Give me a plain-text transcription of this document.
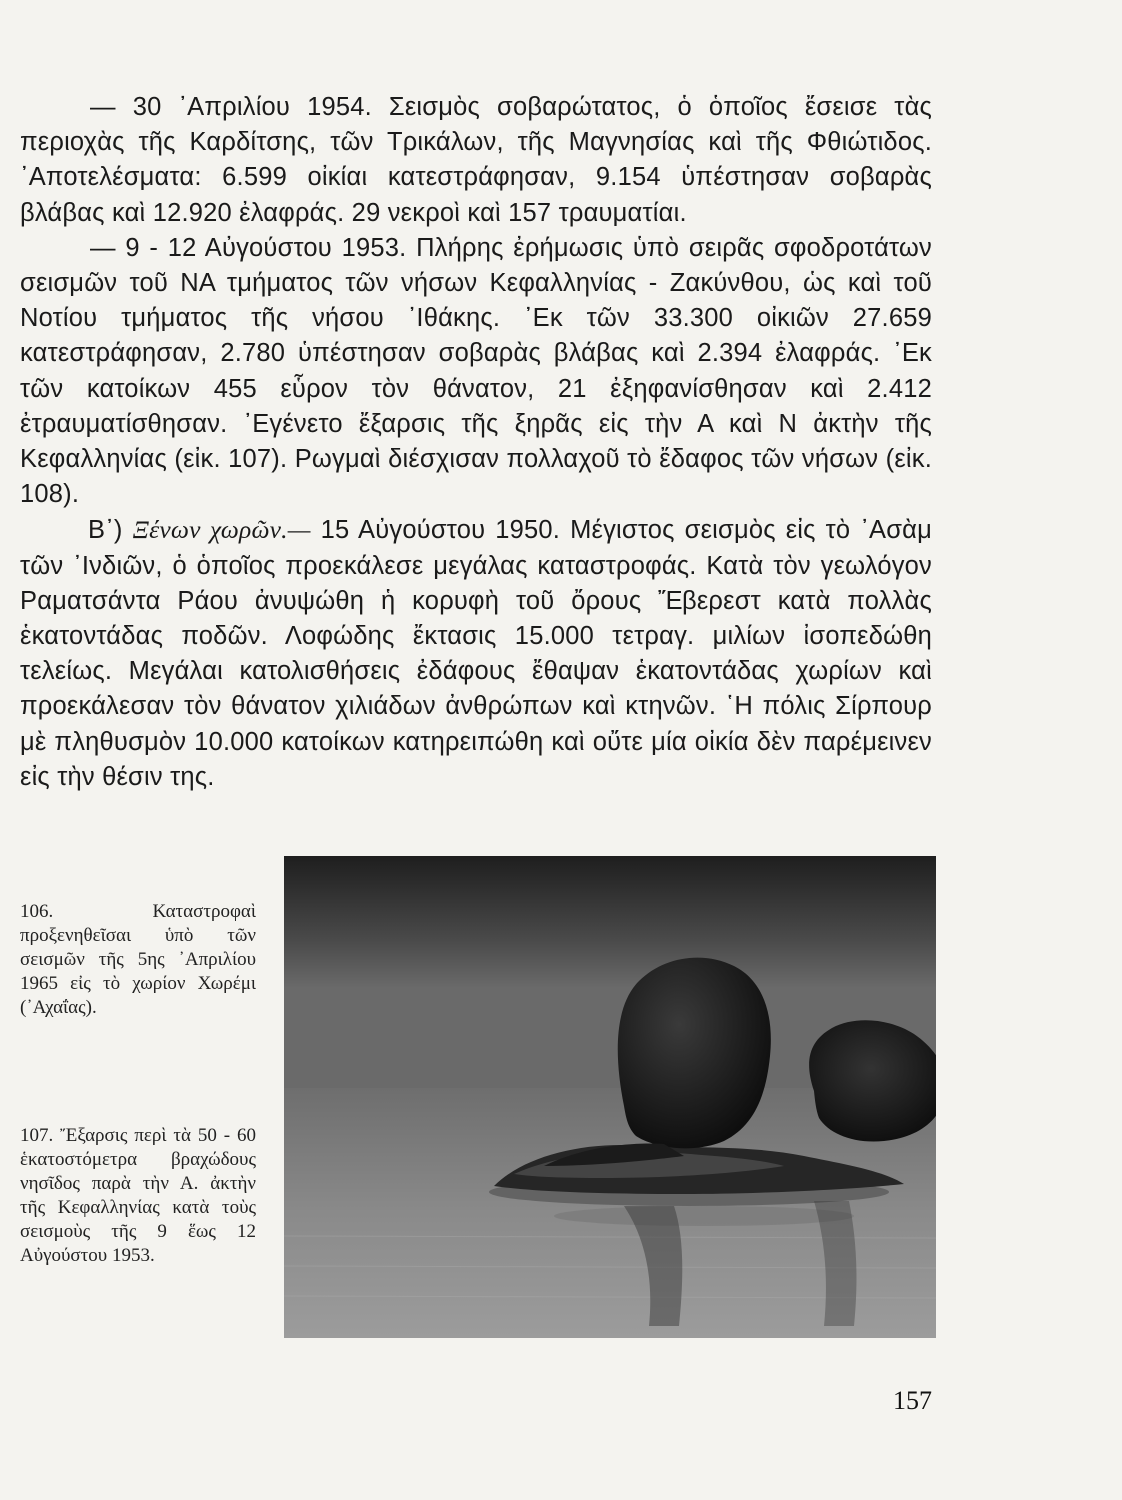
— 30 ᾿Απριλίου 1954. Σεισμὸς σοβαρώτατος, ὁ ὁποῖος ἔσεισε τὰς περιοχὰς τῆς Καρδίτσης, τῶν Τρικάλων, τῆς Μαγνησίας καὶ τῆς Φθιώτιδος. ᾿Αποτελέσματα: 6.599 οἰκίαι κατεστράφησαν, 9.154 ὑπέστησαν σοβαρὰς βλάβας καὶ 12.920 ἐλαφράς. 29 νεκροὶ καὶ 157 τραυματίαι.

— 9 - 12 Αὐγούστου 1953. Πλήρης ἐρήμωσις ὑπὸ σειρᾶς σφοδροτάτων σεισμῶν τοῦ ΝΑ τμήματος τῶν νήσων Κεφαλληνίας - Ζακύνθου, ὡς καὶ τοῦ Νοτίου τμήματος τῆς νήσου ᾿Ιθάκης. ᾿Εκ τῶν 33.300 οἰκιῶν 27.659 κατεστράφησαν, 2.780 ὑπέστησαν σοβαρὰς βλάβας καὶ 2.394 ἐλαφράς. ᾿Εκ τῶν κατοίκων 455 εὗρον τὸν θάνατον, 21 ἐξηφανίσθησαν καὶ 2.412 ἐτραυματίσθησαν. ᾿Εγένετο ἔξαρσις τῆς ξηρᾶς εἰς τὴν Α καὶ Ν ἀκτὴν τῆς Κεφαλληνίας (εἰκ. 107). Ρωγμαὶ διέσχισαν πολλαχοῦ τὸ ἔδαφος τῶν νήσων (εἰκ. 108).

Β᾿) Ξένων χωρῶν.— 15 Αὐγούστου 1950. Μέγιστος σεισμὸς εἰς τὸ ᾿Ασὰμ τῶν ᾿Ινδιῶν, ὁ ὁποῖος προεκάλεσε μεγάλας καταστροφάς. Κατὰ τὸν γεωλόγον Ραματσάντα Ράου ἀνυψώθη ἡ κορυφὴ τοῦ ὄρους Ἔβερεστ κατὰ πολλὰς ἑκατοντάδας ποδῶν. Λοφώδης ἔκτασις 15.000 τετραγ. μιλίων ἰσοπεδώθη τελείως. Μεγάλαι κατολισθήσεις ἐδάφους ἔθαψαν ἑκατοντάδας χωρίων καὶ προεκάλεσαν τὸν θάνατον χιλιάδων ἀνθρώπων καὶ κτηνῶν. ῾Η πόλις Σίρπουρ μὲ πληθυσμὸν 10.000 κατοίκων κατηρειπώθη καὶ οὔτε μία οἰκία δὲν παρέμεινεν εἰς τὴν θέσιν της.

106. Καταστροφαὶ προξενηθεῖσαι ὑπὸ τῶν σεισμῶν τῆς 5ης ᾿Απριλίου 1965 εἰς τὸ χωρίον Χωρέμι (᾿Αχαΐας).
107. Ἔξαρσις περὶ τὰ 50 - 60 ἑκατοστόμετρα βραχώδους νησῖδος παρὰ τὴν Α. ἀκτὴν τῆς Κεφαλληνίας κατὰ τοὺς σεισμοὺς τῆς 9 ἕως 12 Αὐγούστου 1953.
157
